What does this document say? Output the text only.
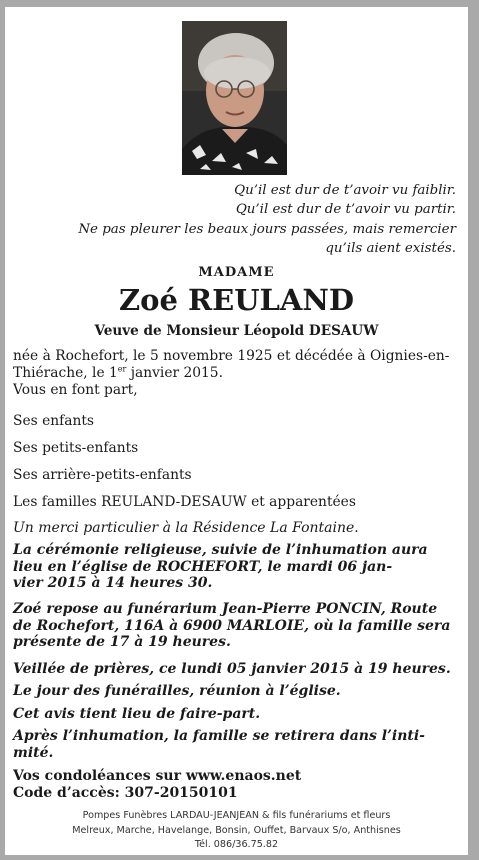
Qu’il est dur de t’avoir vu faiblir.
Qu’il est dur de t’avoir vu partir.
Ne pas pleurer les beaux jours passées, mais remercier
qu’ils aient existés.
MADAME
Zoé REULAND
Veuve de Monsieur Léopold DESAUW
née à Rochefort, le 5 novembre 1925 et décédée à Oignies-en-
Thiérache, le 1er janvier 2015.
Vous en font part,
Ses enfants
Ses petits-enfants
Ses arrière-petits-enfants
Les familles REULAND-DESAUW et apparentées
Un merci particulier à la Résidence La Fontaine.
La cérémonie religieuse, suivie de l’inhumation aura
lieu en l’église de ROCHEFORT, le mardi 06 jan-
vier 2015 à 14 heures 30.
Zoé repose au funérarium Jean-Pierre PONCIN, Route
de Rochefort, 116A à 6900 MARLOIE, où la famille sera
présente de 17 à 19 heures.
Veillée de prières, ce lundi 05 janvier 2015 à 19 heures.
Le jour des funérailles, réunion à l’église.
Cet avis tient lieu de faire-part.
Après l’inhumation, la famille se retirera dans l’inti-
mité.
Vos condoléances sur www.enaos.net
Code d’accès: 307-20150101
Pompes Funèbres LARDAU-JEANJEAN & fils funérariums et fleurs
Melreux, Marche, Havelange, Bonsin, Ouffet, Barvaux S/o, Anthisnes
Tél. 086/36.75.82
